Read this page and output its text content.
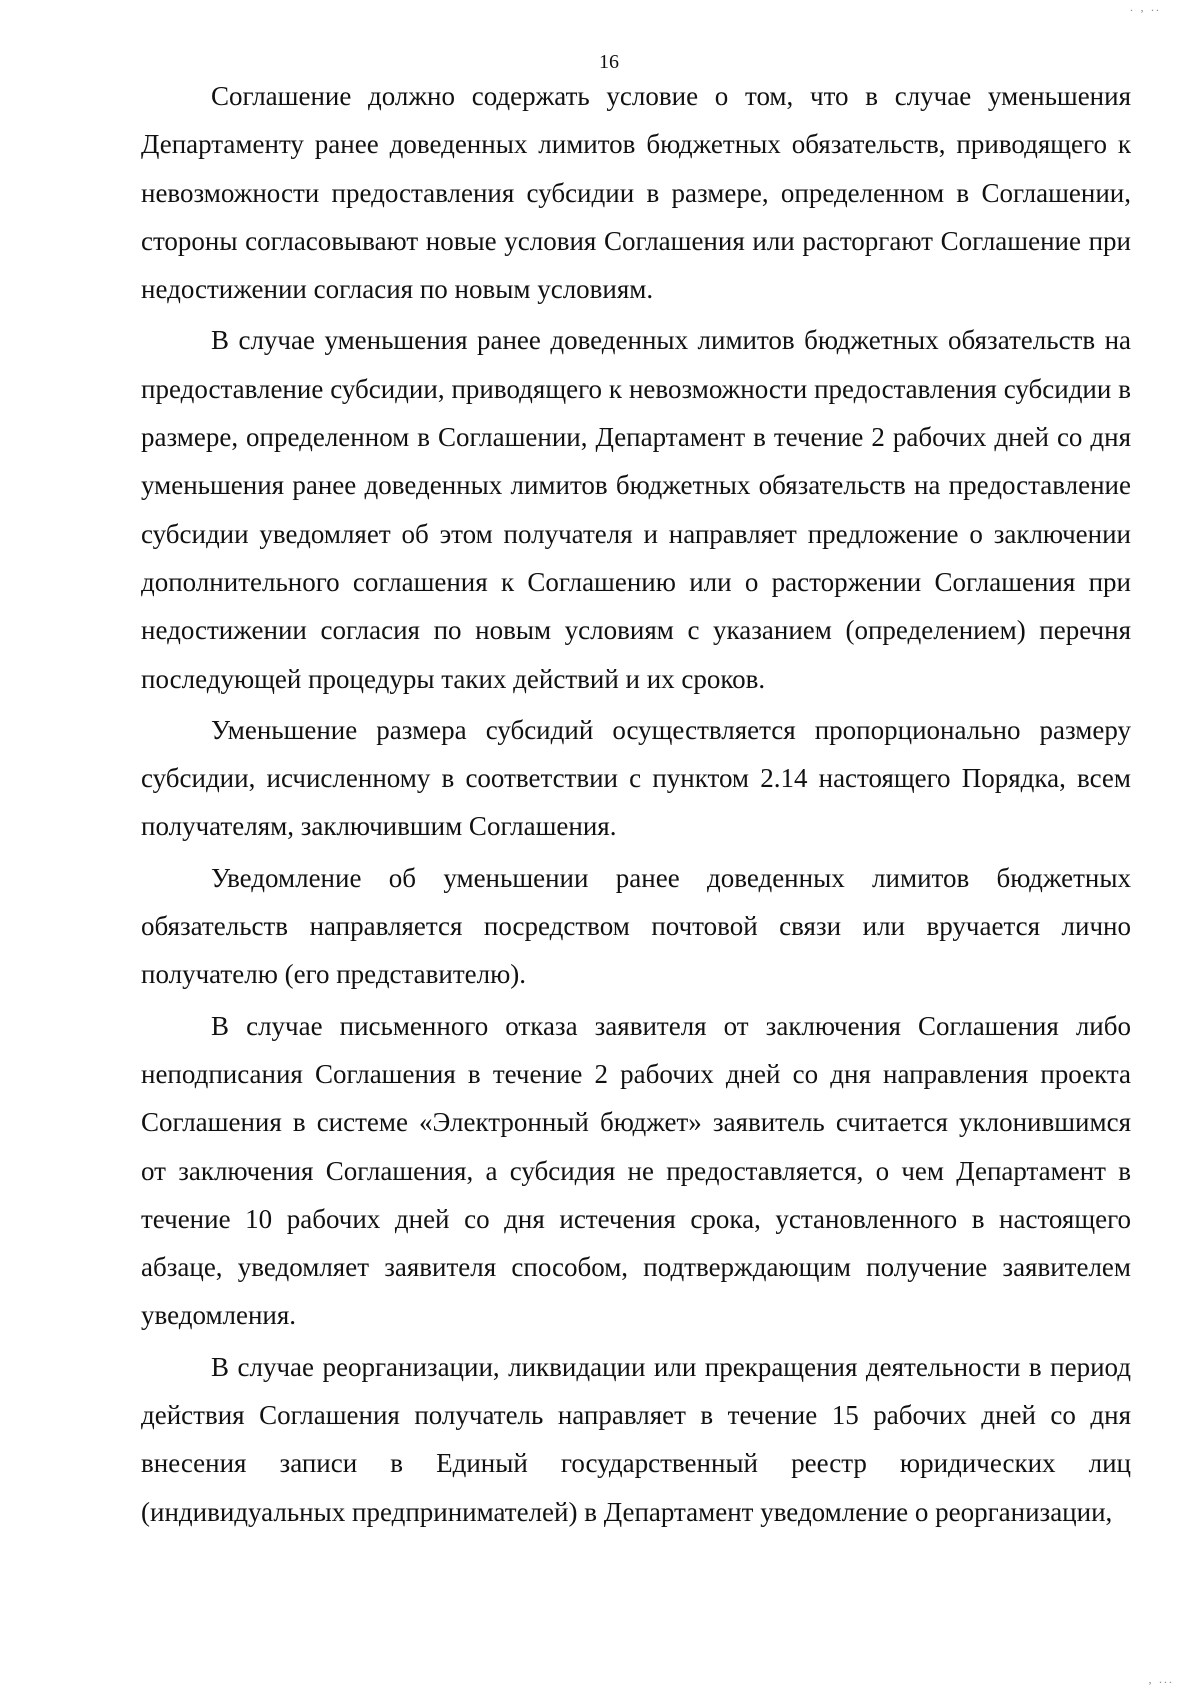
. ‚ ..
16

Соглашение должно содержать условие о том, что в случае уменьшения Департаменту ранее доведенных лимитов бюджетных обязательств, приводящего к невозможности предоставления субсидии в размере, определенном в Соглашении, стороны согласовывают новые условия Соглашения или расторгают Соглашение при недостижении согласия по новым условиям.

В случае уменьшения ранее доведенных лимитов бюджетных обязательств на предоставление субсидии, приводящего к невозможности предоставления субсидии в размере, определенном в Соглашении, Департамент в течение 2 рабочих дней со дня уменьшения ранее доведенных лимитов бюджетных обязательств на предоставление субсидии уведомляет об этом получателя и направляет предложение о заключении дополнительного соглашения к Соглашению или о расторжении Соглашения при недостижении согласия по новым условиям с указанием (определением) перечня последующей процедуры таких действий и их сроков.

Уменьшение размера субсидий осуществляется пропорционально размеру субсидии, исчисленному в соответствии с пунктом 2.14 настоящего Порядка, всем получателям, заключившим Соглашения.

Уведомление об уменьшении ранее доведенных лимитов бюджетных обязательств направляется посредством почтовой связи или вручается лично получателю (его представителю).

В случае письменного отказа заявителя от заключения Соглашения либо неподписания Соглашения в течение 2 рабочих дней со дня направления проекта Соглашения в системе «Электронный бюджет» заявитель считается уклонившимся от заключения Соглашения, а субсидия не предоставляется, о чем Департамент в течение 10 рабочих дней со дня истечения срока, установленного в настоящего абзаце, уведомляет заявителя способом, подтверждающим получение заявителем уведомления.

В случае реорганизации, ликвидации или прекращения деятельности в период действия Соглашения получатель направляет в течение 15 рабочих дней со дня внесения записи в Единый государственный реестр юридических лиц (индивидуальных предпринимателей) в Департамент уведомление о реорганизации,

‚ ...
